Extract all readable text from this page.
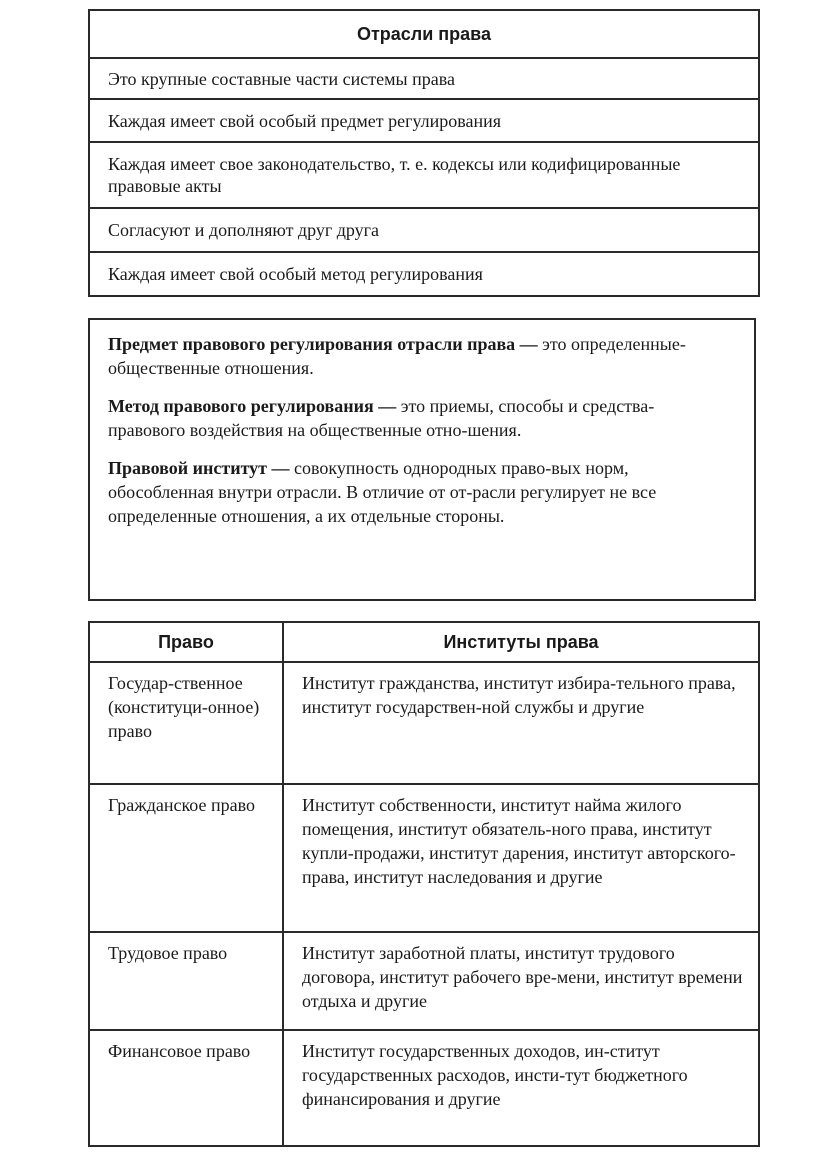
Отрасли права
Это крупные составные части системы права
Каждая имеет свой особый предмет регулирования
Каждая имеет свое законодательство, т. е. кодексы или кодифицированные правовые акты
Согласуют и дополняют друг друга
Каждая имеет свой особый метод регулирования

Предмет правового регулирования отрасли права — это определенные- общественные отношения.

Метод правового регулирования — это приемы, способы и средства- правового воздействия на общественные отно-шения.

Правовой институт — совокупность однородных право-вых норм, обособленная внутри отрасли. В отличие от от-расли регулирует не все определенные отношения, а их отдельные стороны.

Право	Институты права
Государ-ственное (конституци-онное) право	Институт гражданства, институт избира-тельного права, институт государствен-ной службы и другие
Гражданское право	Институт собственности, институт найма жилого помещения, институт обязатель-ного права, институт купли-продажи, институт дарения, институт авторского-права, институт наследования и другие
Трудовое право	Институт заработной платы, институт трудового договора, институт рабочего вре-мени, институт времени отдыха и другие
Финансовое право	Институт государственных доходов, ин-ститут государственных расходов, инсти-тут бюджетного финансирования и другие
